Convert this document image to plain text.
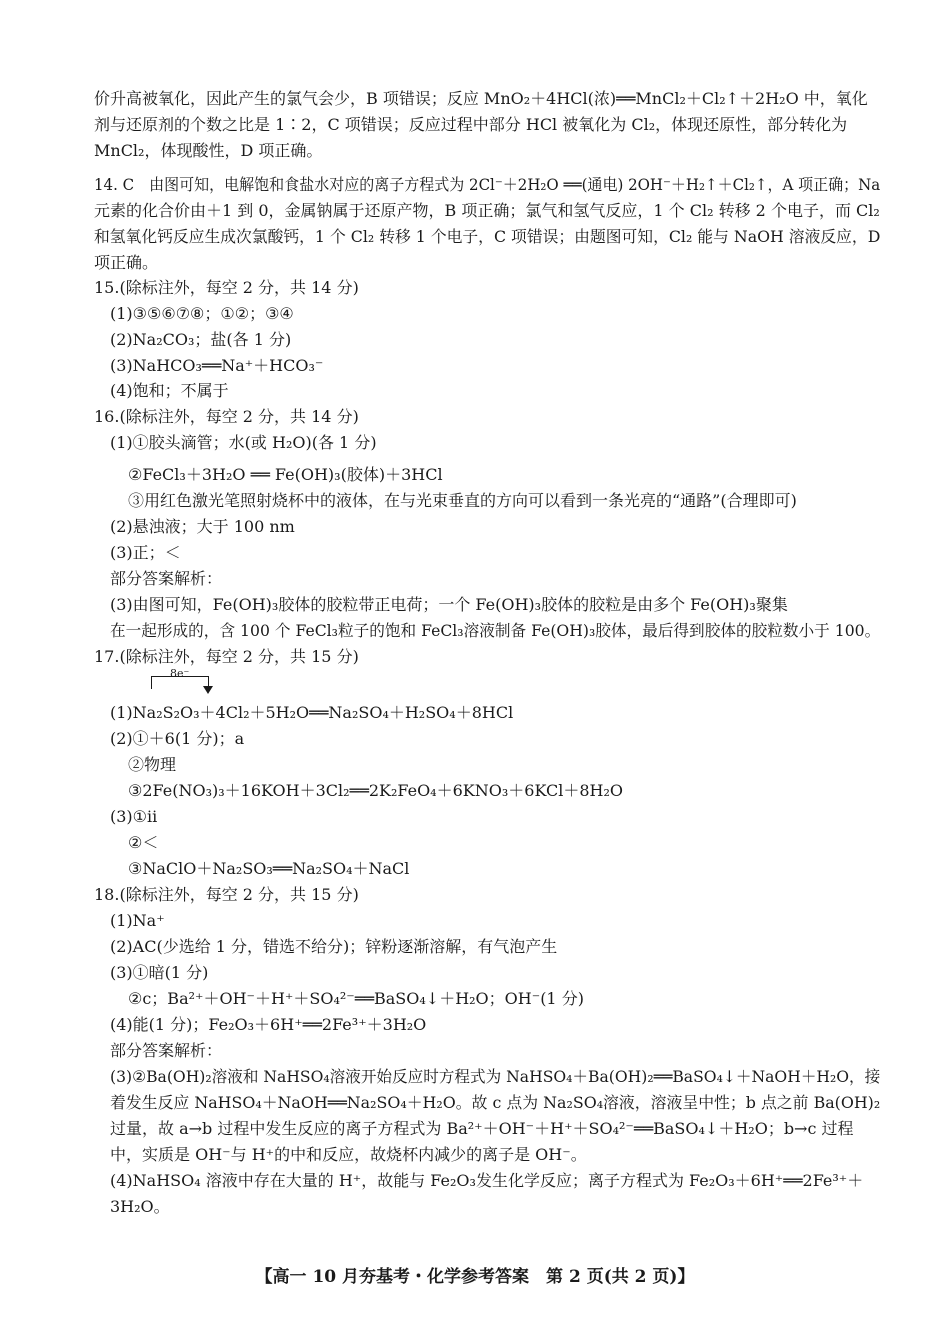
价升高被氧化，因此产生的氯气会少，B 项错误；反应 MnO₂＋4HCl(浓)══MnCl₂＋Cl₂↑＋2H₂O 中，氧化
剂与还原剂的个数之比是 1∶2，C 项错误；反应过程中部分 HCl 被氧化为 Cl₂，体现还原性，部分转化为
MnCl₂，体现酸性，D 项正确。
14. C　由图可知，电解饱和食盐水对应的离子方程式为 2Cl⁻＋2H₂O ══(通电) 2OH⁻＋H₂↑＋Cl₂↑，A 项正确；Na
元素的化合价由＋1 到 0，金属钠属于还原产物，B 项正确；氯气和氢气反应，1 个 Cl₂ 转移 2 个电子，而 Cl₂
和氢氧化钙反应生成次氯酸钙，1 个 Cl₂ 转移 1 个电子，C 项错误；由题图可知，Cl₂ 能与 NaOH 溶液反应，D
项正确。
15.(除标注外，每空 2 分，共 14 分)
(1)③⑤⑥⑦⑧；①②；③④
(2)Na₂CO₃；盐(各 1 分)
(3)NaHCO₃══Na⁺＋HCO₃⁻
(4)饱和；不属于
16.(除标注外，每空 2 分，共 14 分)
(1)①胶头滴管；水(或 H₂O)(各 1 分)
②FeCl₃＋3H₂O ══ Fe(OH)₃(胶体)＋3HCl
③用红色激光笔照射烧杯中的液体，在与光束垂直的方向可以看到一条光亮的“通路”(合理即可)
(2)悬浊液；大于 100 nm
(3)正；＜
部分答案解析：
(3)由图可知，Fe(OH)₃胶体的胶粒带正电荷；一个 Fe(OH)₃胶体的胶粒是由多个 Fe(OH)₃聚集
在一起形成的，含 100 个 FeCl₃粒子的饱和 FeCl₃溶液制备 Fe(OH)₃胶体，最后得到胶体的胶粒数小于 100。
17.(除标注外，每空 2 分，共 15 分)
8e⁻
(1)Na₂S₂O₃＋4Cl₂＋5H₂O══Na₂SO₄＋H₂SO₄＋8HCl
(2)①＋6(1 分)；a
②物理
③2Fe(NO₃)₃＋16KOH＋3Cl₂══2K₂FeO₄＋6KNO₃＋6KCl＋8H₂O
(3)①ii
②＜
③NaClO＋Na₂SO₃══Na₂SO₄＋NaCl
18.(除标注外，每空 2 分，共 15 分)
(1)Na⁺
(2)AC(少选给 1 分，错选不给分)；锌粉逐渐溶解，有气泡产生
(3)①暗(1 分)
②c；Ba²⁺＋OH⁻＋H⁺＋SO₄²⁻══BaSO₄↓＋H₂O；OH⁻(1 分)
(4)能(1 分)；Fe₂O₃＋6H⁺══2Fe³⁺＋3H₂O
部分答案解析：
(3)②Ba(OH)₂溶液和 NaHSO₄溶液开始反应时方程式为 NaHSO₄＋Ba(OH)₂══BaSO₄↓＋NaOH＋H₂O，接
着发生反应 NaHSO₄＋NaOH══Na₂SO₄＋H₂O。故 c 点为 Na₂SO₄溶液，溶液呈中性；b 点之前 Ba(OH)₂
过量，故 a→b 过程中发生反应的离子方程式为 Ba²⁺＋OH⁻＋H⁺＋SO₄²⁻══BaSO₄↓＋H₂O；b→c 过程
中，实质是 OH⁻与 H⁺的中和反应，故烧杯内减少的离子是 OH⁻。
(4)NaHSO₄ 溶液中存在大量的 H⁺，故能与 Fe₂O₃发生化学反应；离子方程式为 Fe₂O₃＋6H⁺══2Fe³⁺＋
3H₂O。
【高一 10 月夯基考・化学参考答案　第 2 页(共 2 页)】
